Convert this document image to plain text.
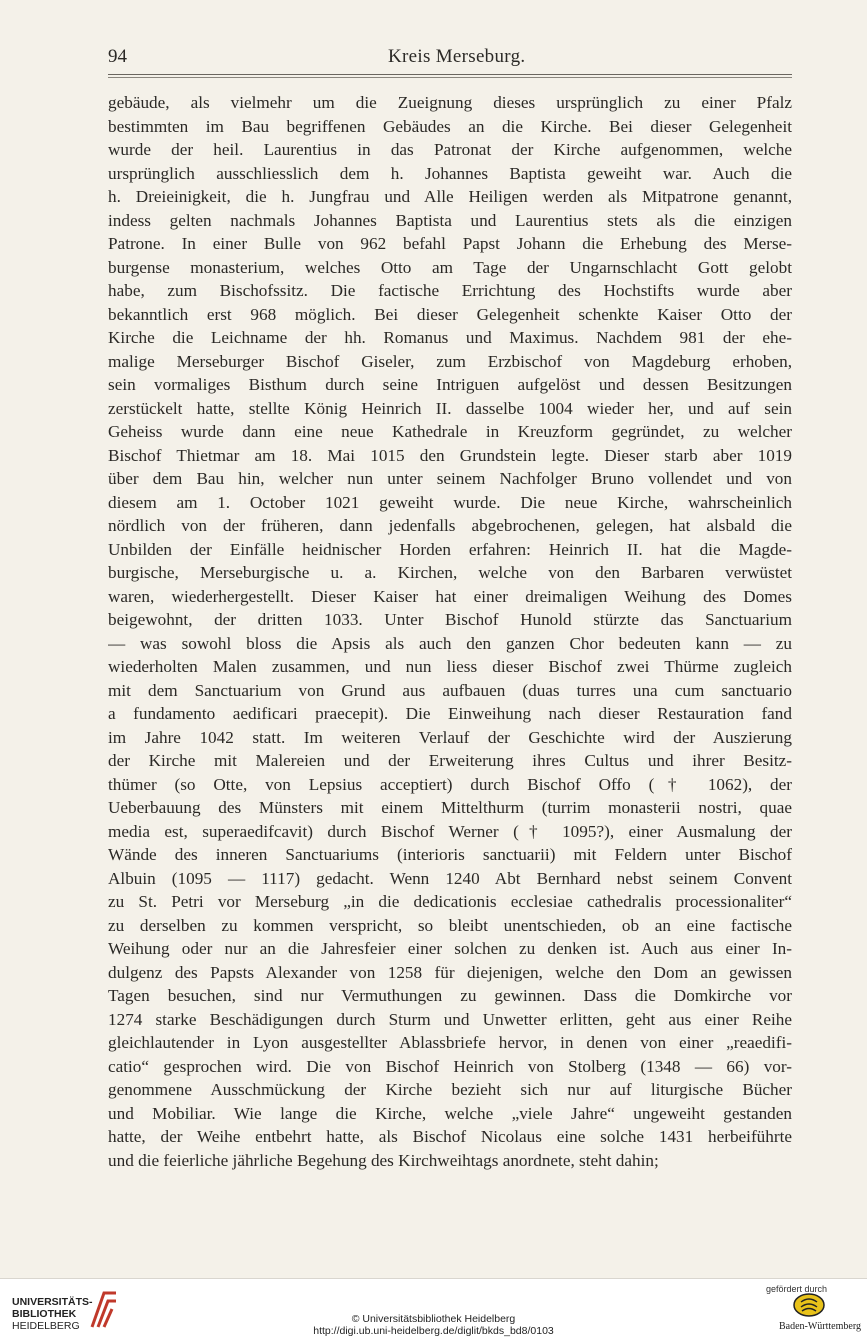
94	Kreis Merseburg.
gebäude, als vielmehr um die Zueignung dieses ursprünglich zu einer Pfalz
bestimmten im Bau begriffenen Gebäudes an die Kirche. Bei dieser Gelegenheit
wurde der heil. Laurentius in das Patronat der Kirche aufgenommen, welche
ursprünglich ausschliesslich dem h. Johannes Baptista geweiht war. Auch die
h. Dreieinigkeit, die h. Jungfrau und Alle Heiligen werden als Mitpatrone genannt,
indess gelten nachmals Johannes Baptista und Laurentius stets als die einzigen
Patrone. In einer Bulle von 962 befahl Papst Johann die Erhebung des Merse-
burgense monasterium, welches Otto am Tage der Ungarnschlacht Gott gelobt
habe, zum Bischofssitz. Die factische Errichtung des Hochstifts wurde aber
bekanntlich erst 968 möglich. Bei dieser Gelegenheit schenkte Kaiser Otto der
Kirche die Leichname der hh. Romanus und Maximus. Nachdem 981 der ehe-
malige Merseburger Bischof Giseler, zum Erzbischof von Magdeburg erhoben,
sein vormaliges Bisthum durch seine Intriguen aufgelöst und dessen Besitzungen
zerstückelt hatte, stellte König Heinrich II. dasselbe 1004 wieder her, und auf sein
Geheiss wurde dann eine neue Kathedrale in Kreuzform gegründet, zu welcher
Bischof Thietmar am 18. Mai 1015 den Grundstein legte. Dieser starb aber 1019
über dem Bau hin, welcher nun unter seinem Nachfolger Bruno vollendet und von
diesem am 1. October 1021 geweiht wurde. Die neue Kirche, wahrscheinlich
nördlich von der früheren, dann jedenfalls abgebrochenen, gelegen, hat alsbald die
Unbilden der Einfälle heidnischer Horden erfahren: Heinrich II. hat die Magde-
burgische, Merseburgische u. a. Kirchen, welche von den Barbaren verwüstet
waren, wiederhergestellt. Dieser Kaiser hat einer dreimaligen Weihung des Domes
beigewohnt, der dritten 1033. Unter Bischof Hunold stürzte das Sanctuarium
— was sowohl bloss die Apsis als auch den ganzen Chor bedeuten kann — zu
wiederholten Malen zusammen, und nun liess dieser Bischof zwei Thürme zugleich
mit dem Sanctuarium von Grund aus aufbauen (duas turres una cum sanctuario
a fundamento aedificari praecepit). Die Einweihung nach dieser Restauration fand
im Jahre 1042 statt. Im weiteren Verlauf der Geschichte wird der Auszierung
der Kirche mit Malereien und der Erweiterung ihres Cultus und ihrer Besitz-
thümer (so Otte, von Lepsius acceptiert) durch Bischof Offo († 1062), der
Ueberbauung des Münsters mit einem Mittelthurm (turrim monasterii nostri, quae
media est, superaedifcavit) durch Bischof Werner († 1095?), einer Ausmalung der
Wände des inneren Sanctuariums (interioris sanctuarii) mit Feldern unter Bischof
Albuin (1095 — 1117) gedacht. Wenn 1240 Abt Bernhard nebst seinem Convent
zu St. Petri vor Merseburg „in die dedicationis ecclesiae cathedralis processionaliter“
zu derselben zu kommen verspricht, so bleibt unentschieden, ob an eine factische
Weihung oder nur an die Jahresfeier einer solchen zu denken ist. Auch aus einer In-
dulgenz des Papsts Alexander von 1258 für diejenigen, welche den Dom an gewissen
Tagen besuchen, sind nur Vermuthungen zu gewinnen. Dass die Domkirche vor
1274 starke Beschädigungen durch Sturm und Unwetter erlitten, geht aus einer Reihe
gleichlautender in Lyon ausgestellter Ablassbriefe hervor, in denen von einer „reaedifi-
catio“ gesprochen wird. Die von Bischof Heinrich von Stolberg (1348 — 66) vor-
genommene Ausschmückung der Kirche bezieht sich nur auf liturgische Bücher
und Mobiliar. Wie lange die Kirche, welche „viele Jahre“ ungeweiht gestanden
hatte, der Weihe entbehrt hatte, als Bischof Nicolaus eine solche 1431 herbeiführte
und die feierliche jährliche Begehung des Kirchweihtags anordnete, steht dahin;
UNIVERSITÄTS-
BIBLIOTHEK
HEIDELBERG
© Universitätsbibliothek Heidelberg
http://digi.ub.uni-heidelberg.de/diglit/bkds_bd8/0103
gefördert durch
Baden-Württemberg
